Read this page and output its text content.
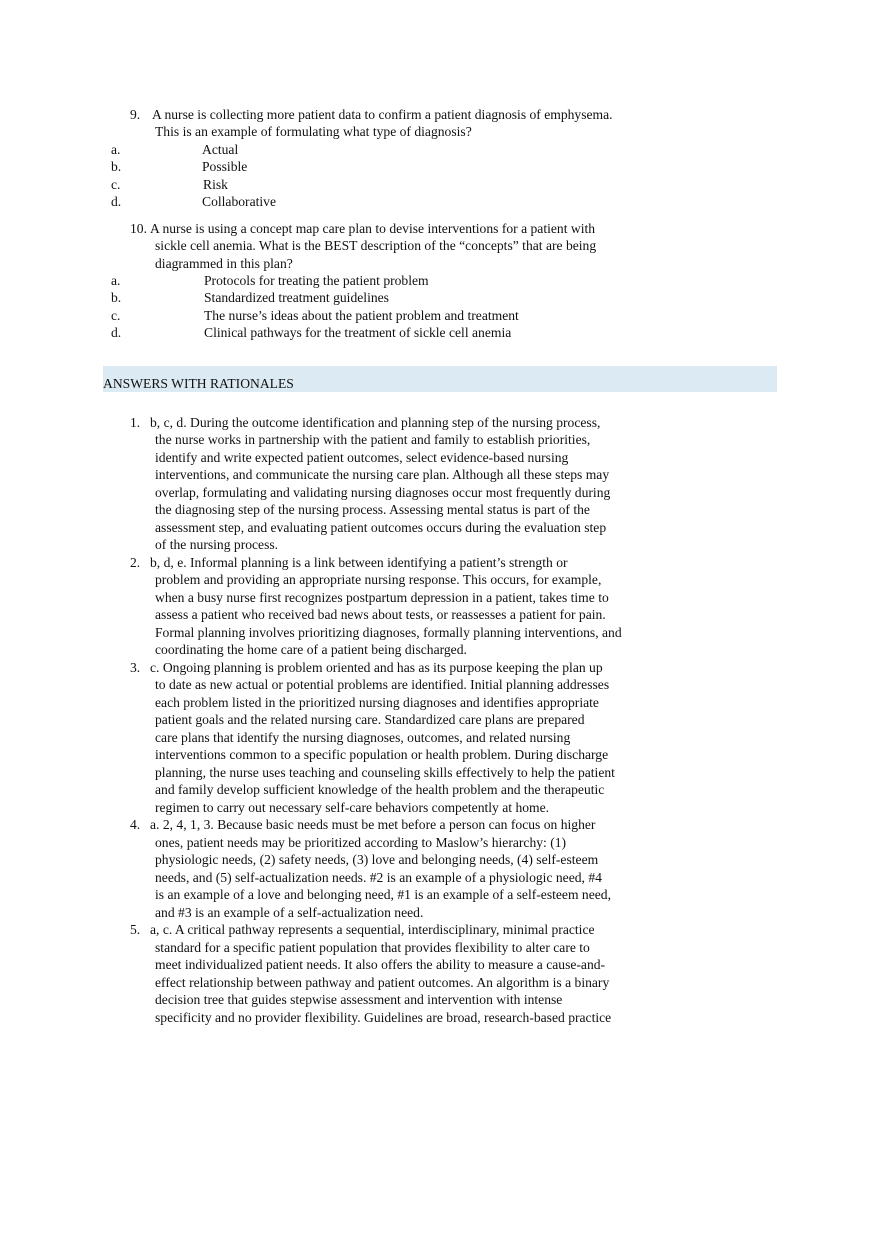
9. A nurse is collecting more patient data to confirm a patient diagnosis of emphysema.
This is an example of formulating what type of diagnosis?
a.	Actual
b.	Possible
c.	Risk
d.	Collaborative
10. A nurse is using a concept map care plan to devise interventions for a patient with
sickle cell anemia. What is the BEST description of the “concepts” that are being
diagrammed in this plan?
a.	Protocols for treating the patient problem
b.	Standardized treatment guidelines
c.	The nurse’s ideas about the patient problem and treatment
d.	Clinical pathways for the treatment of sickle cell anemia
ANSWERS WITH RATIONALES
1. b, c, d. During the outcome identification and planning step of the nursing process,
the nurse works in partnership with the patient and family to establish priorities,
identify and write expected patient outcomes, select evidence-based nursing
interventions, and communicate the nursing care plan. Although all these steps may
overlap, formulating and validating nursing diagnoses occur most frequently during
the diagnosing step of the nursing process. Assessing mental status is part of the
assessment step, and evaluating patient outcomes occurs during the evaluation step
of the nursing process.
2. b, d, e. Informal planning is a link between identifying a patient’s strength or
problem and providing an appropriate nursing response. This occurs, for example,
when a busy nurse first recognizes postpartum depression in a patient, takes time to
assess a patient who received bad news about tests, or reassesses a patient for pain.
Formal planning involves prioritizing diagnoses, formally planning interventions, and
coordinating the home care of a patient being discharged.
3. c. Ongoing planning is problem oriented and has as its purpose keeping the plan up
to date as new actual or potential problems are identified. Initial planning addresses
each problem listed in the prioritized nursing diagnoses and identifies appropriate
patient goals and the related nursing care. Standardized care plans are prepared
care plans that identify the nursing diagnoses, outcomes, and related nursing
interventions common to a specific population or health problem. During discharge
planning, the nurse uses teaching and counseling skills effectively to help the patient
and family develop sufficient knowledge of the health problem and the therapeutic
regimen to carry out necessary self-care behaviors competently at home.
4. a. 2, 4, 1, 3. Because basic needs must be met before a person can focus on higher
ones, patient needs may be prioritized according to Maslow’s hierarchy: (1)
physiologic needs, (2) safety needs, (3) love and belonging needs, (4) self-esteem
needs, and (5) self-actualization needs. #2 is an example of a physiologic need, #4
is an example of a love and belonging need, #1 is an example of a self-esteem need,
and #3 is an example of a self-actualization need.
5. a, c. A critical pathway represents a sequential, interdisciplinary, minimal practice
standard for a specific patient population that provides flexibility to alter care to
meet individualized patient needs. It also offers the ability to measure a cause-and-
effect relationship between pathway and patient outcomes. An algorithm is a binary
decision tree that guides stepwise assessment and intervention with intense
specificity and no provider flexibility. Guidelines are broad, research-based practice
